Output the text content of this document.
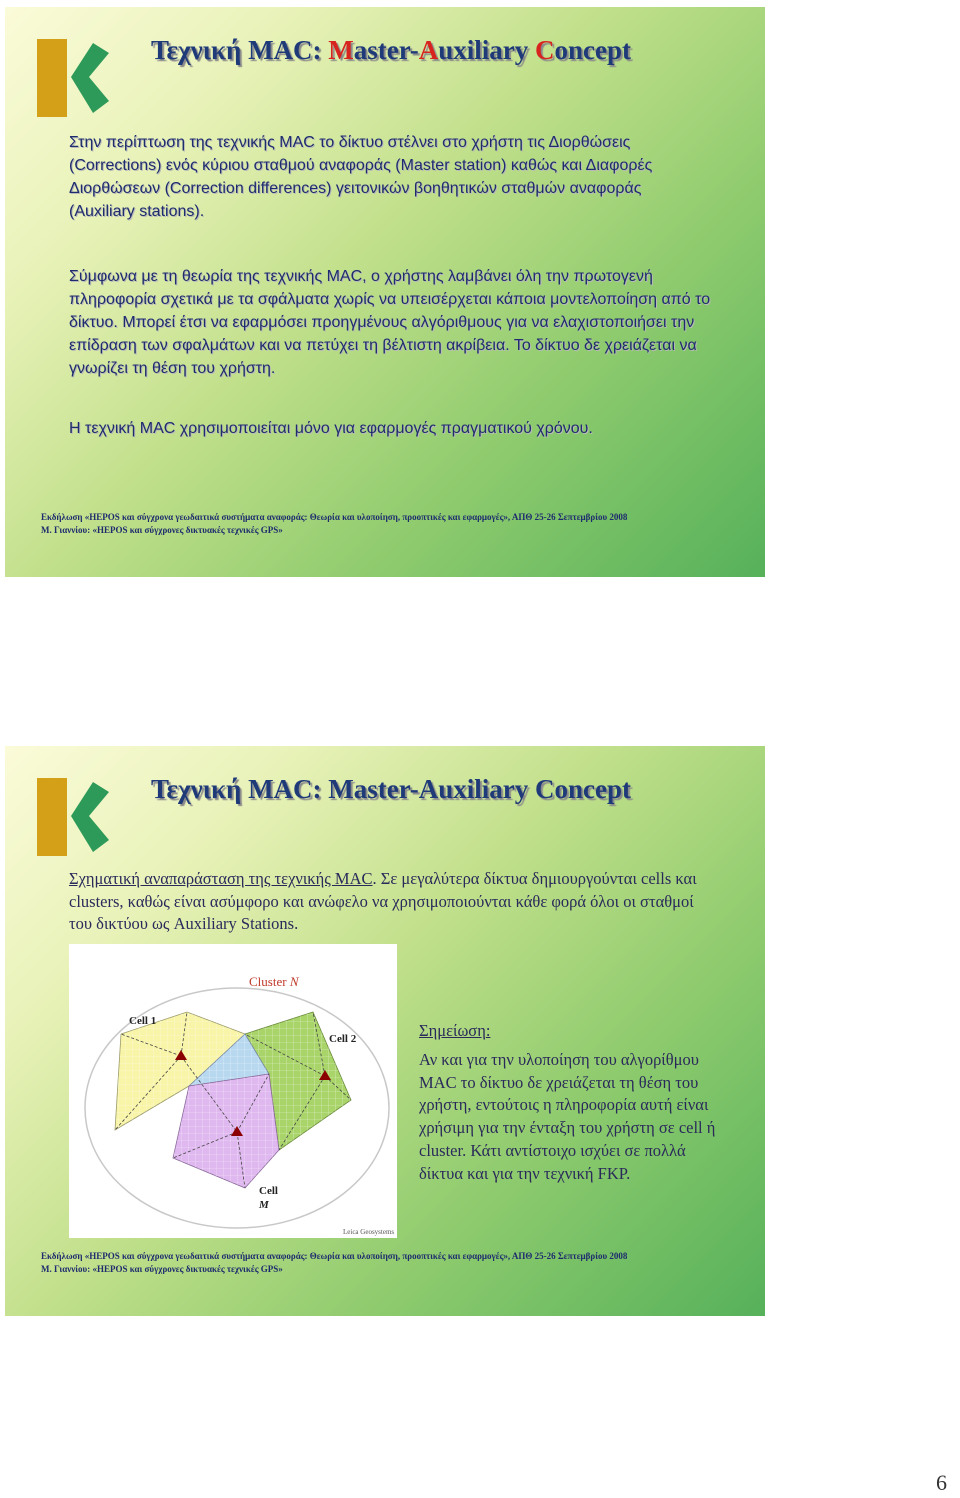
Τεχνική MAC: Master-Auxiliary Concept

Στην περίπτωση της τεχνικής MAC το δίκτυο στέλνει στο χρήστη τις Διορθώσεις (Corrections) ενός κύριου σταθμού αναφοράς (Master station) καθώς και Διαφορές Διορθώσεων (Correction differences) γειτονικών βοηθητικών σταθμών αναφοράς (Auxiliary stations).

Σύμφωνα με τη θεωρία της τεχνικής MAC, ο χρήστης λαμβάνει όλη την πρωτογενή πληροφορία σχετικά με τα σφάλματα χωρίς να υπεισέρχεται κάποια μοντελοποίηση από το δίκτυο. Μπορεί έτσι να εφαρμόσει προηγμένους αλγόριθμους για να ελαχιστοποιήσει την επίδραση των σφαλμάτων και να πετύχει τη βέλτιστη ακρίβεια. Το δίκτυο δε χρειάζεται να γνωρίζει τη θέση του χρήστη.

Η τεχνική MAC χρησιμοποιείται μόνο για εφαρμογές πραγματικού χρόνου.

Εκδήλωση «HEPOS και σύγχρονα γεωδαιτικά συστήματα αναφοράς: Θεωρία και υλοποίηση, προοπτικές και εφαρμογές», ΑΠΘ 25-26 Σεπτεμβρίου 2008
Μ. Γιαννίου: «HEPOS και σύγχρονες δικτυακές τεχνικές GPS»

Τεχνική MAC: Master-Auxiliary Concept

Σχηματική αναπαράσταση της τεχνικής MAC. Σε μεγαλύτερα δίκτυα δημιουργούνται cells και clusters, καθώς είναι ασύμφορο και ανώφελο να χρησιμοποιούνται κάθε φορά όλοι οι σταθμοί του δικτύου ως Auxiliary Stations.

Cluster N
Cell 1
Cell 2
Cell
M
Leica Geosystems

Σημείωση:
Αν και για την υλοποίηση του αλγορίθμου MAC το δίκτυο δε χρειάζεται τη θέση του χρήστη, εντούτοις η πληροφορία αυτή είναι χρήσιμη για την ένταξη του χρήστη σε cell ή cluster. Κάτι αντίστοιχο ισχύει σε πολλά δίκτυα και για την τεχνική FKP.

Εκδήλωση «HEPOS και σύγχρονα γεωδαιτικά συστήματα αναφοράς: Θεωρία και υλοποίηση, προοπτικές και εφαρμογές», ΑΠΘ 25-26 Σεπτεμβρίου 2008
Μ. Γιαννίου: «HEPOS και σύγχρονες δικτυακές τεχνικές GPS»

6
